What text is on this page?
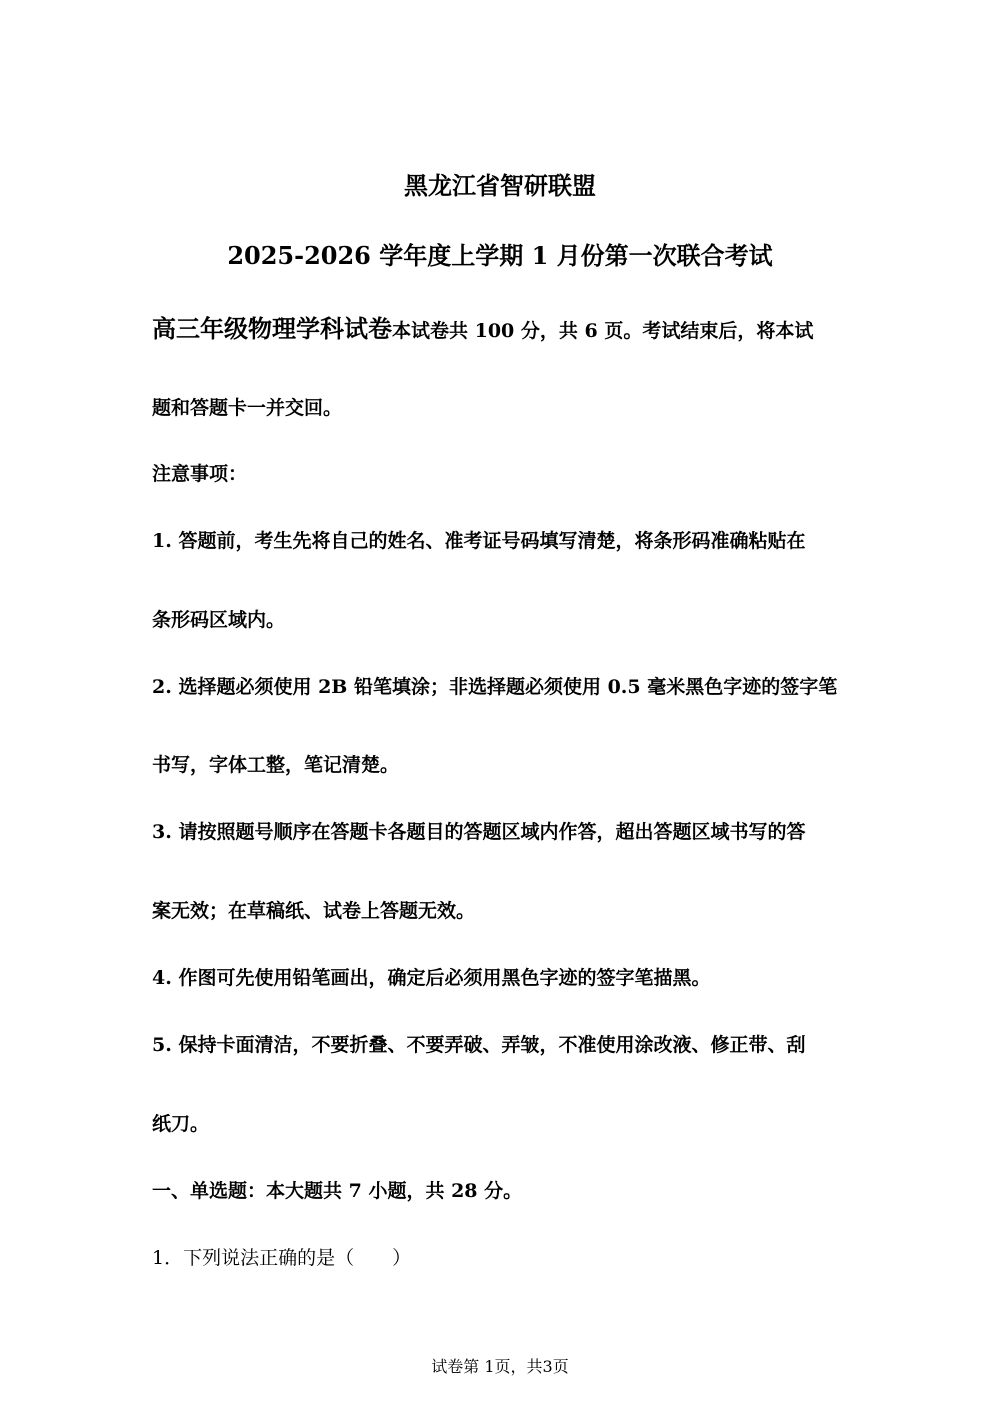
黑龙江省智研联盟
2025-2026 学年度上学期 1 月份第一次联合考试
高三年级物理学科试卷本试卷共 100 分，共 6 页。考试结束后，将本试
题和答题卡一并交回。
注意事项：
1. 答题前，考生先将自己的姓名、准考证号码填写清楚，将条形码准确粘贴在
条形码区域内。
2. 选择题必须使用 2B 铅笔填涂；非选择题必须使用 0.5 毫米黑色字迹的签字笔
书写，字体工整，笔记清楚。
3. 请按照题号顺序在答题卡各题目的答题区域内作答，超出答题区域书写的答
案无效；在草稿纸、试卷上答题无效。
4. 作图可先使用铅笔画出，确定后必须用黑色字迹的签字笔描黑。
5. 保持卡面清洁，不要折叠、不要弄破、弄皱，不准使用涂改液、修正带、刮
纸刀。
一、单选题：本大题共 7 小题，共 28 分。
1．下列说法正确的是（　　）
试卷第 1页，共3页
